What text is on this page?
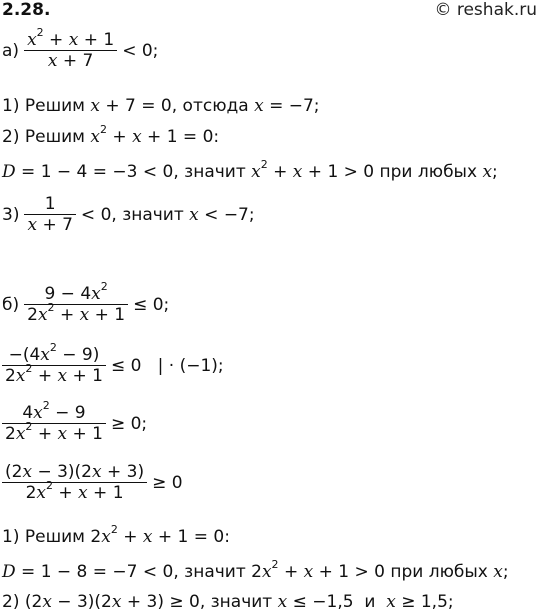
2.28.	© reshak.ru
$а) \frac{x^2 + x + 1}{x + 7} < 0$;
1) Решим x + 7 = 0, отсюда x = −7;
2) Решим $x^2 + x + 1 = 0$:
D = 1 − 4 = −3 < 0, значит $x^2 + x + 1 > 0$ при любых x;
$3) \frac{1}{x + 7} < 0$, значит x < −7;
$б) \frac{9 - 4x^2}{2x^2 + x + 1} \le 0$;
$\frac{-(4x^2 - 9)}{2x^2 + x + 1} \le 0$   | · (−1);
$\frac{4x^2 - 9}{2x^2 + x + 1} \ge 0$;
$\frac{(2x - 3)(2x + 3)}{2x^2 + x + 1} \ge 0$
1) Решим $2x^2 + x + 1 = 0$:
D = 1 − 8 = −7 < 0, значит $2x^2 + x + 1 > 0$ при любых x;
2) (2x − 3)(2x + 3) ≥ 0, значит x ≤ −1,5  и  x ≥ 1,5;
